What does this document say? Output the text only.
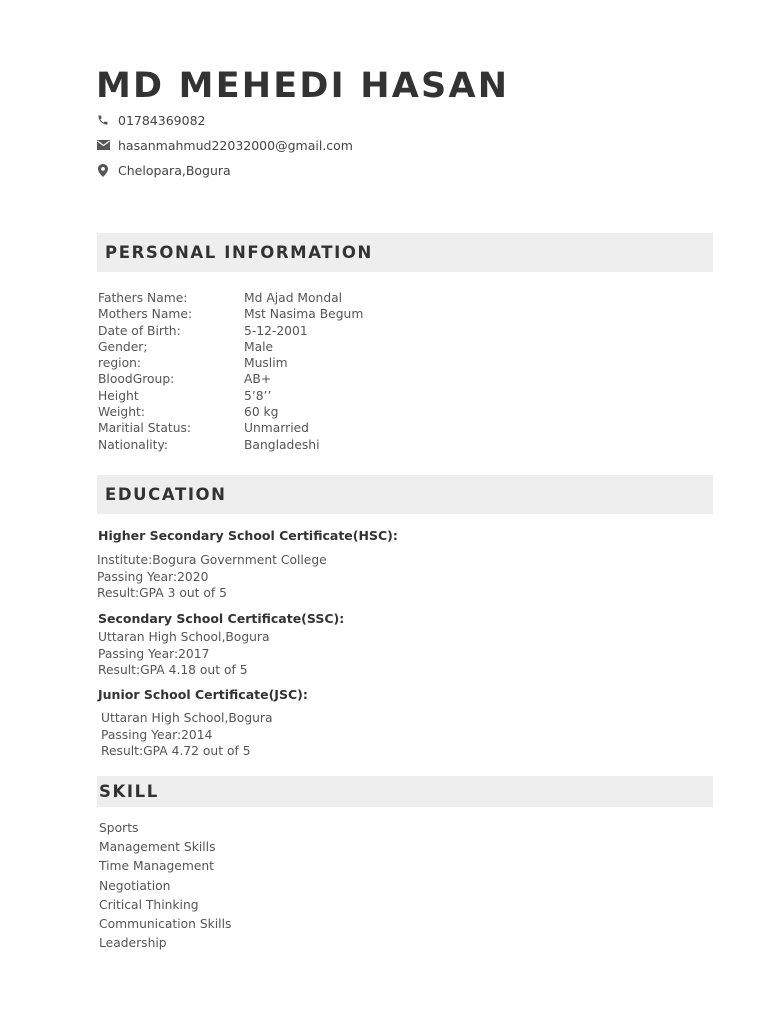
MD MEHEDI HASAN
01784369082
hasanmahmud22032000@gmail.com
Chelopara,Bogura
PERSONAL INFORMATION
Fathers Name:	Md Ajad Mondal
Mothers Name:	Mst Nasima Begum
Date of Birth:	5-12-2001
Gender;	Male
region:	Muslim
BloodGroup:	AB+
Height	5’8’’
Weight:	60 kg
Maritial Status:	Unmarried
Nationality:	Bangladeshi
EDUCATION
Higher Secondary School Certificate(HSC):
Institute:Bogura Government College
Passing Year:2020
Result:GPA 3 out of 5
Secondary School Certificate(SSC):
Uttaran High School,Bogura
Passing Year:2017
Result:GPA 4.18 out of 5
Junior School Certificate(JSC):
Uttaran High School,Bogura
Passing Year:2014
Result:GPA 4.72 out of 5
SKILL
Sports
Management Skills
Time Management
Negotiation
Critical Thinking
Communication Skills
Leadership
